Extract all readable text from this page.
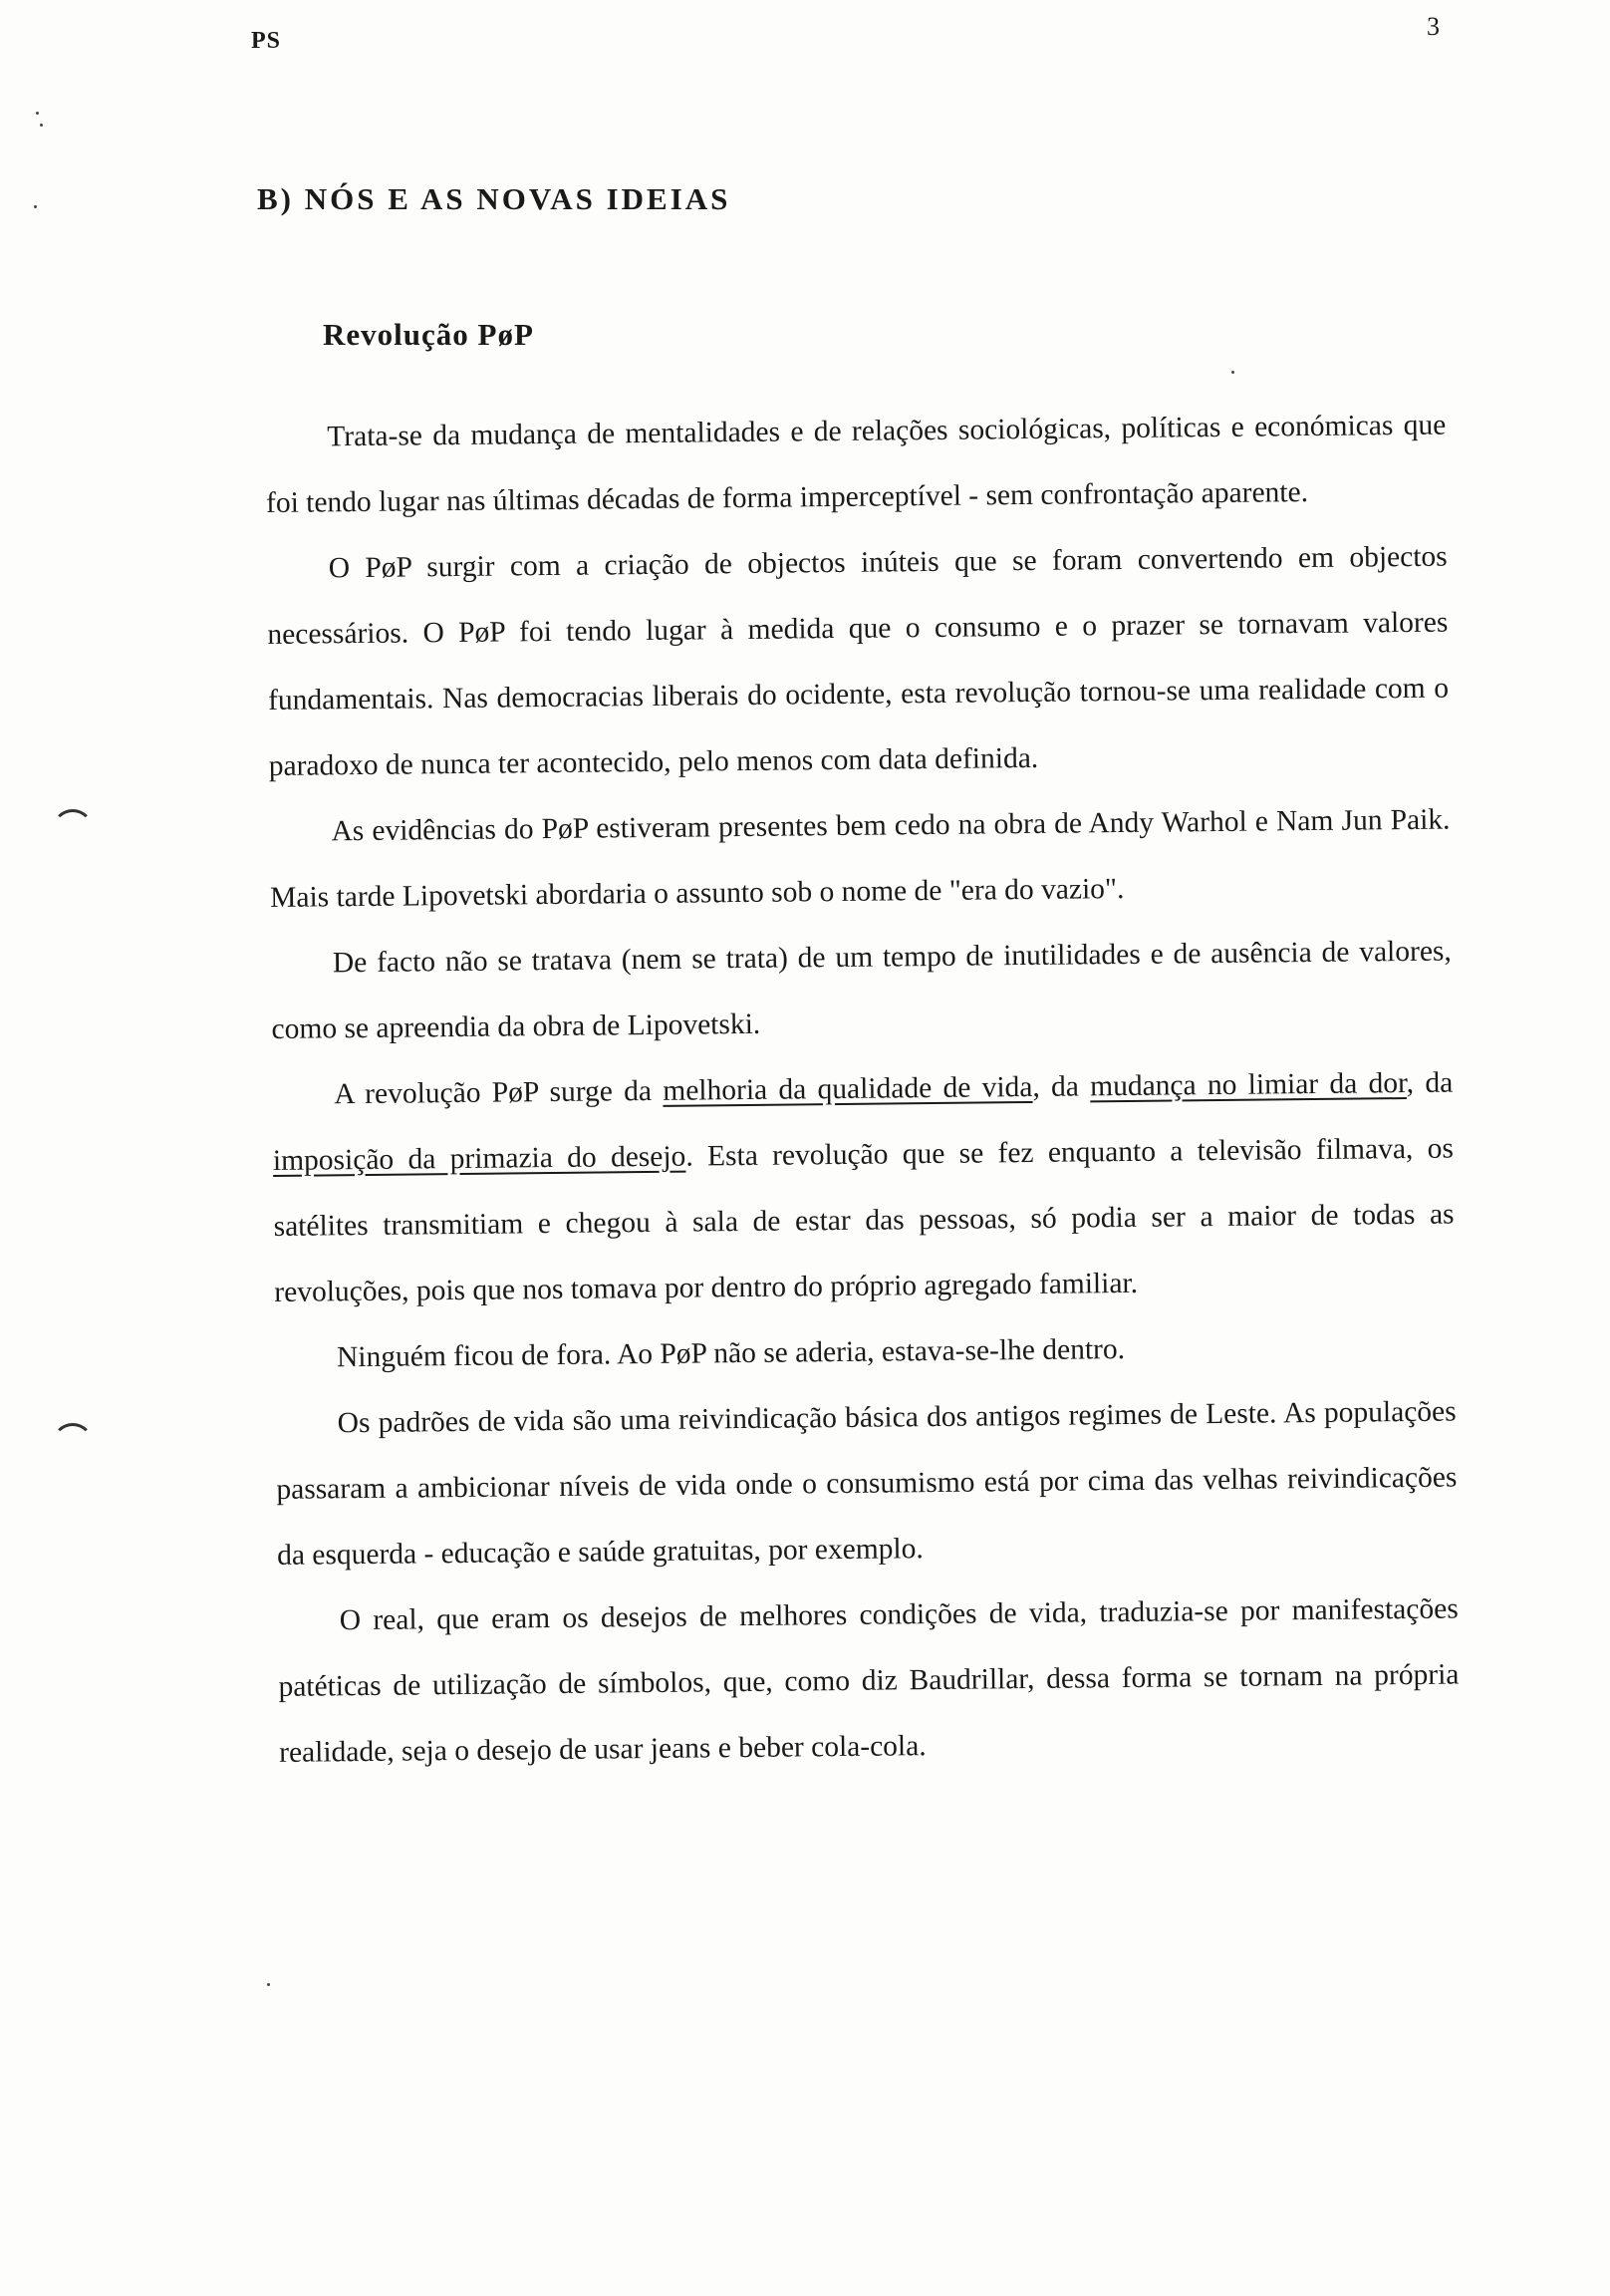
PS	3
B) NÓS E AS NOVAS IDEIAS
Revolução PøP

Trata-se da mudança de mentalidades e de relações sociológicas, políticas e económicas que foi tendo lugar nas últimas décadas de forma imperceptível - sem confrontação aparente.

O PøP surgir com a criação de objectos inúteis que se foram convertendo em objectos necessários. O PøP foi tendo lugar à medida que o consumo e o prazer se tornavam valores fundamentais. Nas democracias liberais do ocidente, esta revolução tornou-se uma realidade com o paradoxo de nunca ter acontecido, pelo menos com data definida.

As evidências do PøP estiveram presentes bem cedo na obra de Andy Warhol e Nam Jun Paik. Mais tarde Lipovetski abordaria o assunto sob o nome de "era do vazio".

De facto não se tratava (nem se trata) de um tempo de inutilidades e de ausência de valores, como se apreendia da obra de Lipovetski.

A revolução PøP surge da melhoria da qualidade de vida, da mudança no limiar da dor, da imposição da primazia do desejo. Esta revolução que se fez enquanto a televisão filmava, os satélites transmitiam e chegou à sala de estar das pessoas, só podia ser a maior de todas as revoluções, pois que nos tomava por dentro do próprio agregado familiar.

Ninguém ficou de fora. Ao PøP não se aderia, estava-se-lhe dentro.

Os padrões de vida são uma reivindicação básica dos antigos regimes de Leste. As populações passaram a ambicionar níveis de vida onde o consumismo está por cima das velhas reivindicações da esquerda - educação e saúde gratuitas, por exemplo.

O real, que eram os desejos de melhores condições de vida, traduzia-se por manifestações patéticas de utilização de símbolos, que, como diz Baudrillar, dessa forma se tornam na própria realidade, seja o desejo de usar jeans e beber cola-cola.
